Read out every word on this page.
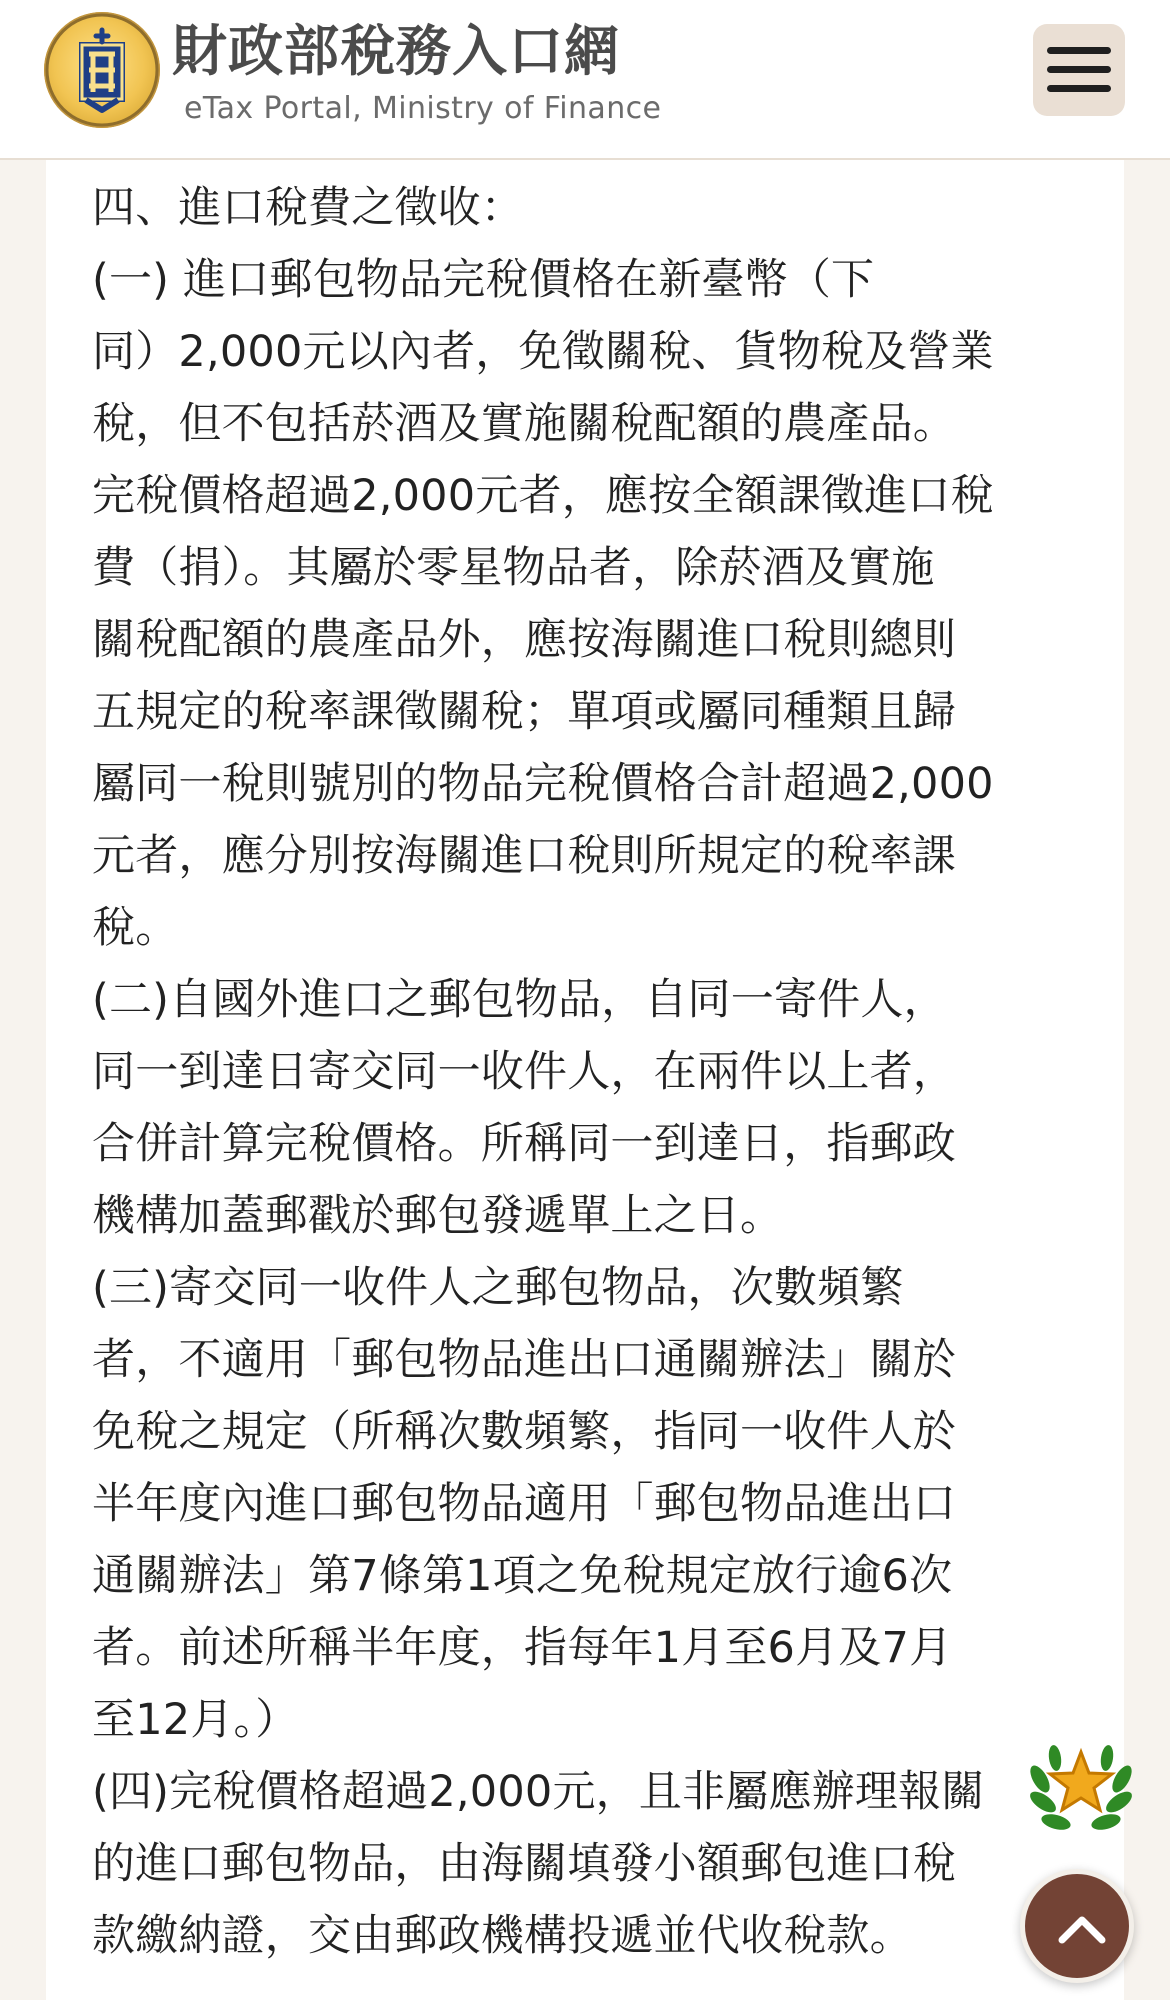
財政部稅務入口網
eTax Portal, Ministry of Finance
四、進口稅費之徵收：
(一) 進口郵包物品完稅價格在新臺幣（下
同）2,000元以內者，免徵關稅、貨物稅及營業
稅，但不包括菸酒及實施關稅配額的農產品。
完稅價格超過2,000元者，應按全額課徵進口稅
費（捐）。其屬於零星物品者，除菸酒及實施
關稅配額的農產品外，應按海關進口稅則總則
五規定的稅率課徵關稅；單項或屬同種類且歸
屬同一稅則號別的物品完稅價格合計超過2,000
元者，應分別按海關進口稅則所規定的稅率課
稅。
(二)自國外進口之郵包物品，自同一寄件人，
同一到達日寄交同一收件人，在兩件以上者，
合併計算完稅價格。所稱同一到達日，指郵政
機構加蓋郵戳於郵包發遞單上之日。
(三)寄交同一收件人之郵包物品，次數頻繁
者，不適用「郵包物品進出口通關辦法」關於
免稅之規定（所稱次數頻繁，指同一收件人於
半年度內進口郵包物品適用「郵包物品進出口
通關辦法」第7條第1項之免稅規定放行逾6次
者。前述所稱半年度，指每年1月至6月及7月
至12月。）
(四)完稅價格超過2,000元，且非屬應辦理報關
的進口郵包物品，由海關填發小額郵包進口稅
款繳納證，交由郵政機構投遞並代收稅款。
